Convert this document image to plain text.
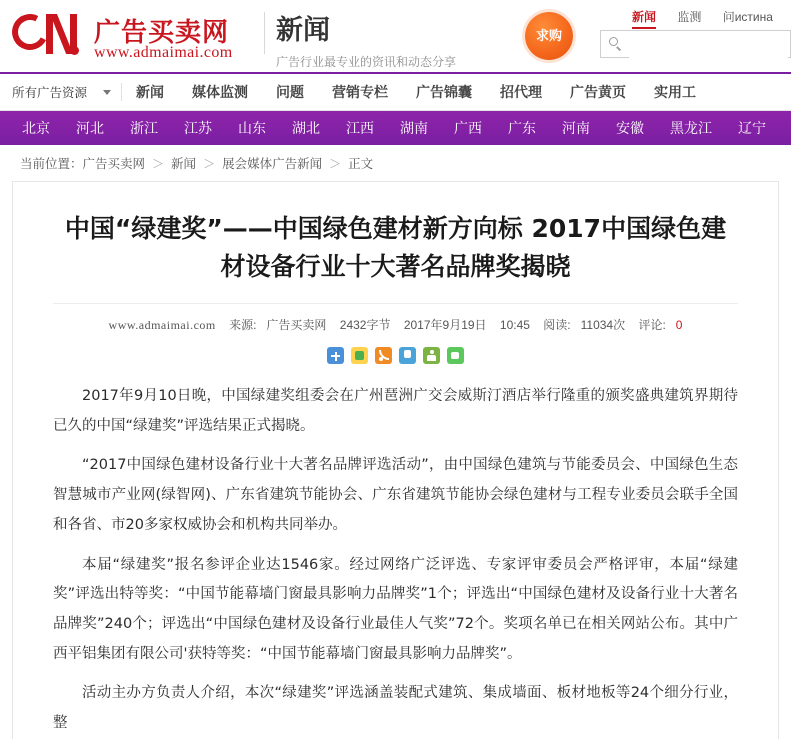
广告买卖网
www.admaimai.com
新闻
广告行业最专业的资讯和动态分享
求购
新闻 监测 问истина
所有广告资源	新闻	媒体监测	问题	营销专栏	广告锦囊	招代理	广告黄页	实用工
北京 河北 浙江 江苏 山东 湖北 江西 湖南 广西 广东 河南 安徽 黑龙江 辽宁 内
当前位置： 广告买卖网 ＞ 新闻 ＞ 展会媒体广告新闻 ＞ 正文
中国“绿建奖”——中国绿色建材新方向标 2017中国绿色建材设备行业十大著名品牌奖揭晓
www.admaimai.com 来源: 广告买卖网 2432字节 2017年9月19日 10:45 阅读: 11034次 评论: 0

2017年9月10日晚，中国绿建奖组委会在广州琶洲广交会威斯汀酒店举行隆重的颁奖盛典建筑界期待已久的中国“绿建奖”评选结果正式揭晓。

“2017中国绿色建材设备行业十大著名品牌评选活动”，由中国绿色建筑与节能委员会、中国绿色生态智慧城市产业网(绿智网)、广东省建筑节能协会、广东省建筑节能协会绿色建材与工程专业委员会联手全国和各省、市20多家权威协会和机构共同举办。

本届“绿建奖”报名参评企业达1546家。经过网络广泛评选、专家评审委员会严格评审，本届“绿建奖”评选出特等奖：“中国节能幕墙门窗最具影响力品牌奖”1个；评选出“中国绿色建材及设备行业十大著名品牌奖”240个；评选出“中国绿色建材及设备行业最佳人气奖”72个。奖项名单已在相关网站公布。其中广西平铝集团有限公司'获特等奖：“中国节能幕墙门窗最具影响力品牌奖”。

活动主办方负责人介绍，本次“绿建奖”评选涵盖装配式建筑、集成墙面、板材地板等24个细分行业，整
